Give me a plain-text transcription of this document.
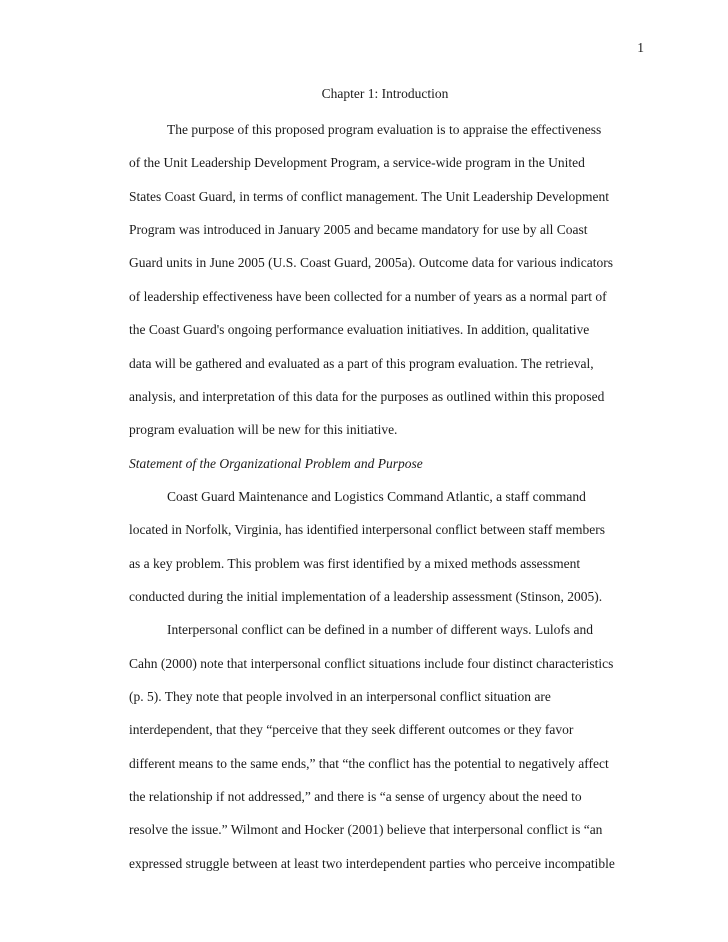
1
Chapter 1: Introduction
The purpose of this proposed program evaluation is to appraise the effectiveness
of the Unit Leadership Development Program, a service-wide program in the United
States Coast Guard, in terms of conflict management. The Unit Leadership Development
Program was introduced in January 2005 and became mandatory for use by all Coast
Guard units in June 2005 (U.S. Coast Guard, 2005a). Outcome data for various indicators
of leadership effectiveness have been collected for a number of years as a normal part of
the Coast Guard's ongoing performance evaluation initiatives. In addition, qualitative
data will be gathered and evaluated as a part of this program evaluation. The retrieval,
analysis, and interpretation of this data for the purposes as outlined within this proposed
program evaluation will be new for this initiative.
Statement of the Organizational Problem and Purpose
Coast Guard Maintenance and Logistics Command Atlantic, a staff command
located in Norfolk, Virginia, has identified interpersonal conflict between staff members
as a key problem. This problem was first identified by a mixed methods assessment
conducted during the initial implementation of a leadership assessment (Stinson, 2005).
Interpersonal conflict can be defined in a number of different ways. Lulofs and
Cahn (2000) note that interpersonal conflict situations include four distinct characteristics
(p. 5). They note that people involved in an interpersonal conflict situation are
interdependent, that they “perceive that they seek different outcomes or they favor
different means to the same ends,” that “the conflict has the potential to negatively affect
the relationship if not addressed,” and there is “a sense of urgency about the need to
resolve the issue.” Wilmont and Hocker (2001) believe that interpersonal conflict is “an
expressed struggle between at least two interdependent parties who perceive incompatible
